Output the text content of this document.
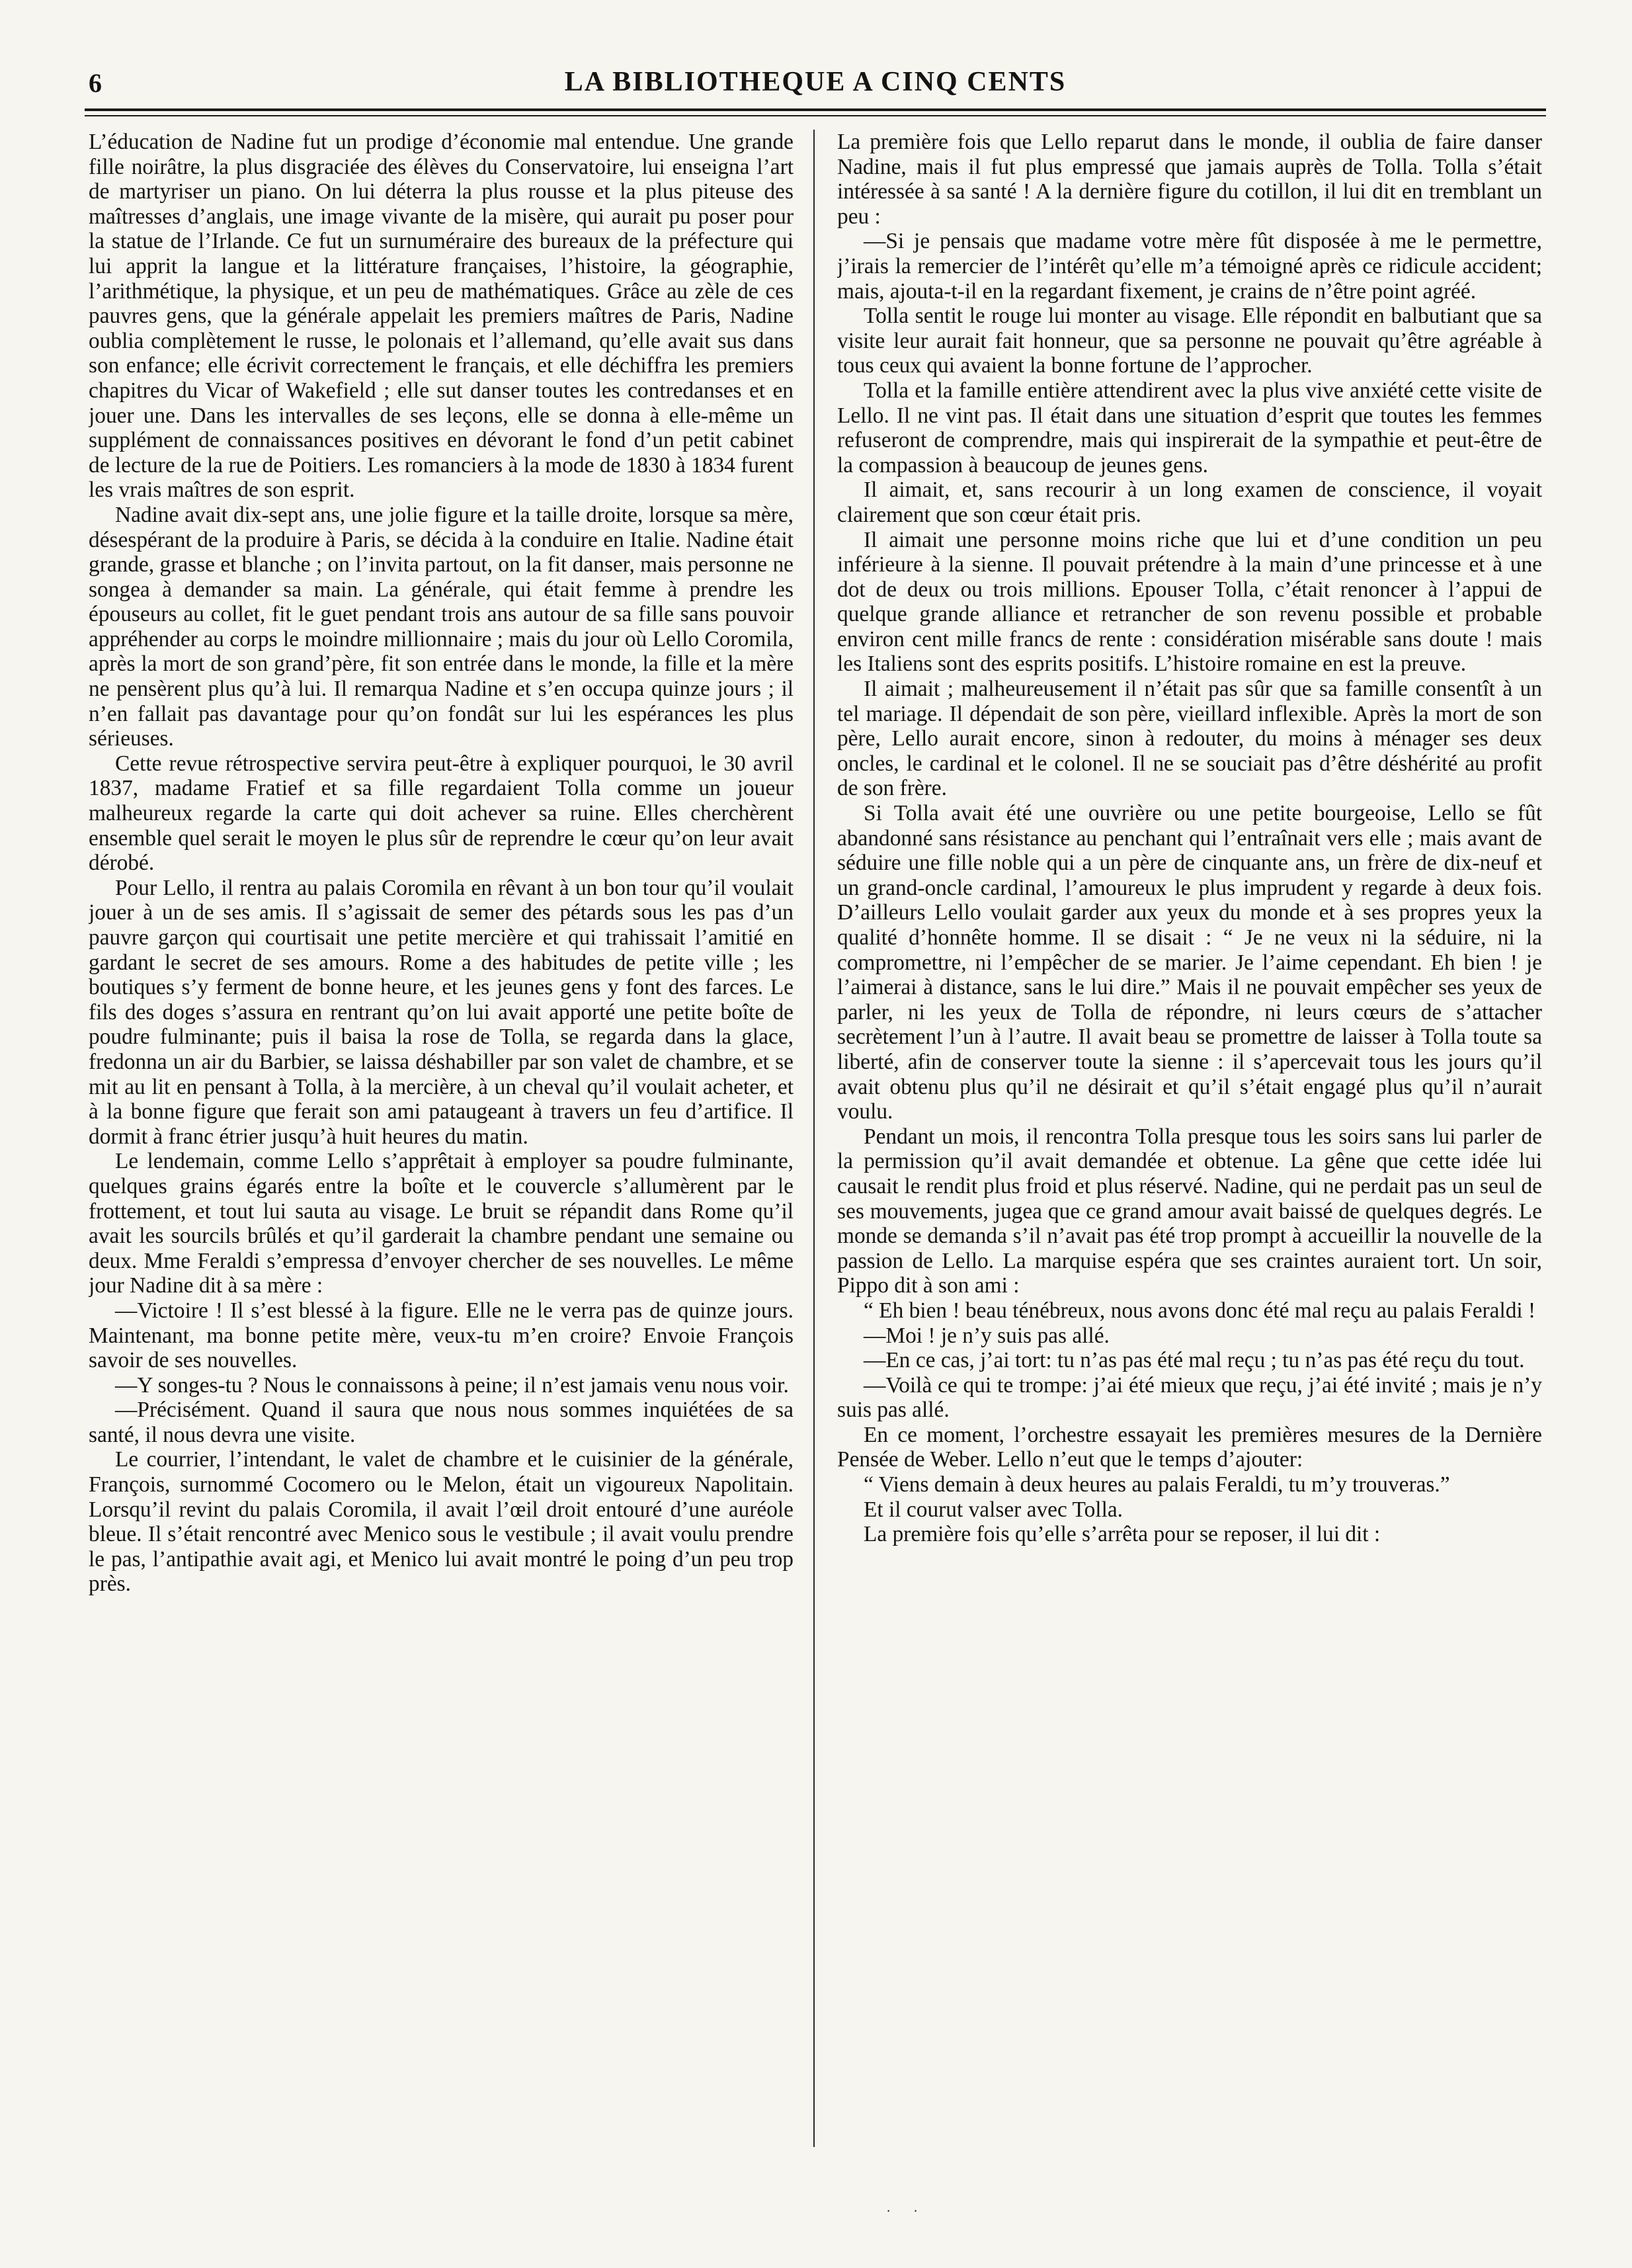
6	LA BIBLIOTHEQUE A CINQ CENTS

L’éducation de Nadine fut un prodige d’économie mal entendue. Une grande fille noirâtre, la plus disgraciée des élèves du Conservatoire, lui enseigna l’art de martyriser un piano. On lui déterra la plus rousse et la plus piteuse des maîtresses d’anglais, une image vivante de la misère, qui aurait pu poser pour la statue de l’Irlande. Ce fut un surnuméraire des bureaux de la préfecture qui lui apprit la langue et la littérature françaises, l’histoire, la géographie, l’arithmétique, la physique, et un peu de mathématiques. Grâce au zèle de ces pauvres gens, que la générale appelait les premiers maîtres de Paris, Nadine oublia complètement le russe, le polonais et l’allemand, qu’elle avait sus dans son enfance; elle écrivit correctement le français, et elle déchiffra les premiers chapitres du Vicar of Wakefield ; elle sut danser toutes les contredanses et en jouer une. Dans les intervalles de ses leçons, elle se donna à elle-même un supplément de connaissances positives en dévorant le fond d’un petit cabinet de lecture de la rue de Poitiers. Les romanciers à la mode de 1830 à 1834 furent les vrais maîtres de son esprit.

Nadine avait dix-sept ans, une jolie figure et la taille droite, lorsque sa mère, désespérant de la produire à Paris, se décida à la conduire en Italie. Nadine était grande, grasse et blanche ; on l’invita partout, on la fit danser, mais personne ne songea à demander sa main. La générale, qui était femme à prendre les épouseurs au collet, fit le guet pendant trois ans autour de sa fille sans pouvoir appréhender au corps le moindre millionnaire ; mais du jour où Lello Coromila, après la mort de son grand’père, fit son entrée dans le monde, la fille et la mère ne pensèrent plus qu’à lui. Il remarqua Nadine et s’en occupa quinze jours ; il n’en fallait pas davantage pour qu’on fondât sur lui les espérances les plus sérieuses.

Cette revue rétrospective servira peut-être à expliquer pourquoi, le 30 avril 1837, madame Fratief et sa fille regardaient Tolla comme un joueur malheureux regarde la carte qui doit achever sa ruine. Elles cherchèrent ensemble quel serait le moyen le plus sûr de reprendre le cœur qu’on leur avait dérobé.

Pour Lello, il rentra au palais Coromila en rêvant à un bon tour qu’il voulait jouer à un de ses amis. Il s’agissait de semer des pétards sous les pas d’un pauvre garçon qui courtisait une petite mercière et qui trahissait l’amitié en gardant le secret de ses amours. Rome a des habitudes de petite ville ; les boutiques s’y ferment de bonne heure, et les jeunes gens y font des farces. Le fils des doges s’assura en rentrant qu’on lui avait apporté une petite boîte de poudre fulminante; puis il baisa la rose de Tolla, se regarda dans la glace, fredonna un air du Barbier, se laissa déshabiller par son valet de chambre, et se mit au lit en pensant à Tolla, à la mercière, à un cheval qu’il voulait acheter, et à la bonne figure que ferait son ami pataugeant à travers un feu d’artifice. Il dormit à franc étrier jusqu’à huit heures du matin.

Le lendemain, comme Lello s’apprêtait à employer sa poudre fulminante, quelques grains égarés entre la boîte et le couvercle s’allumèrent par le frottement, et tout lui sauta au visage. Le bruit se répandit dans Rome qu’il avait les sourcils brûlés et qu’il garderait la chambre pendant une semaine ou deux. Mme Feraldi s’empressa d’envoyer chercher de ses nouvelles. Le même jour Nadine dit à sa mère :

—Victoire ! Il s’est blessé à la figure. Elle ne le verra pas de quinze jours. Maintenant, ma bonne petite mère, veux-tu m’en croire? Envoie François savoir de ses nouvelles.

—Y songes-tu ? Nous le connaissons à peine; il n’est jamais venu nous voir.

—Précisément. Quand il saura que nous nous sommes inquiétées de sa santé, il nous devra une visite.

Le courrier, l’intendant, le valet de chambre et le cuisinier de la générale, François, surnommé Cocomero ou le Melon, était un vigoureux Napolitain. Lorsqu’il revint du palais Coromila, il avait l’œil droit entouré d’une auréole bleue. Il s’était rencontré avec Menico sous le vestibule ; il avait voulu prendre le pas, l’antipathie avait agi, et Menico lui avait montré le poing d’un peu trop près.

La première fois que Lello reparut dans le monde, il oublia de faire danser Nadine, mais il fut plus empressé que jamais auprès de Tolla. Tolla s’était intéressée à sa santé ! A la dernière figure du cotillon, il lui dit en tremblant un peu :

—Si je pensais que madame votre mère fût disposée à me le permettre, j’irais la remercier de l’intérêt qu’elle m’a témoigné après ce ridicule accident; mais, ajouta-t-il en la regardant fixement, je crains de n’être point agréé.

Tolla sentit le rouge lui monter au visage. Elle répondit en balbutiant que sa visite leur aurait fait honneur, que sa personne ne pouvait qu’être agréable à tous ceux qui avaient la bonne fortune de l’approcher.

Tolla et la famille entière attendirent avec la plus vive anxiété cette visite de Lello. Il ne vint pas. Il était dans une situation d’esprit que toutes les femmes refuseront de comprendre, mais qui inspirerait de la sympathie et peut-être de la compassion à beaucoup de jeunes gens.

Il aimait, et, sans recourir à un long examen de conscience, il voyait clairement que son cœur était pris.

Il aimait une personne moins riche que lui et d’une condition un peu inférieure à la sienne. Il pouvait prétendre à la main d’une princesse et à une dot de deux ou trois millions. Epouser Tolla, c’était renoncer à l’appui de quelque grande alliance et retrancher de son revenu possible et probable environ cent mille francs de rente : considération misérable sans doute ! mais les Italiens sont des esprits positifs. L’histoire romaine en est la preuve.

Il aimait ; malheureusement il n’était pas sûr que sa famille consentît à un tel mariage. Il dépendait de son père, vieillard inflexible. Après la mort de son père, Lello aurait encore, sinon à redouter, du moins à ménager ses deux oncles, le cardinal et le colonel. Il ne se souciait pas d’être déshérité au profit de son frère.

Si Tolla avait été une ouvrière ou une petite bourgeoise, Lello se fût abandonné sans résistance au penchant qui l’entraînait vers elle ; mais avant de séduire une fille noble qui a un père de cinquante ans, un frère de dix-neuf et un grand-oncle cardinal, l’amoureux le plus imprudent y regarde à deux fois. D’ailleurs Lello voulait garder aux yeux du monde et à ses propres yeux la qualité d’honnête homme. Il se disait : “ Je ne veux ni la séduire, ni la compromettre, ni l’empêcher de se marier. Je l’aime cependant. Eh bien ! je l’aimerai à distance, sans le lui dire.” Mais il ne pouvait empêcher ses yeux de parler, ni les yeux de Tolla de répondre, ni leurs cœurs de s’attacher secrètement l’un à l’autre. Il avait beau se promettre de laisser à Tolla toute sa liberté, afin de conserver toute la sienne : il s’apercevait tous les jours qu’il avait obtenu plus qu’il ne désirait et qu’il s’était engagé plus qu’il n’aurait voulu.

Pendant un mois, il rencontra Tolla presque tous les soirs sans lui parler de la permission qu’il avait demandée et obtenue. La gêne que cette idée lui causait le rendit plus froid et plus réservé. Nadine, qui ne perdait pas un seul de ses mouvements, jugea que ce grand amour avait baissé de quelques degrés. Le monde se demanda s’il n’avait pas été trop prompt à accueillir la nouvelle de la passion de Lello. La marquise espéra que ses craintes auraient tort. Un soir, Pippo dit à son ami :

“ Eh bien ! beau ténébreux, nous avons donc été mal reçu au palais Feraldi !

—Moi ! je n’y suis pas allé.

—En ce cas, j’ai tort: tu n’as pas été mal reçu ; tu n’as pas été reçu du tout.

—Voilà ce qui te trompe: j’ai été mieux que reçu, j’ai été invité ; mais je n’y suis pas allé.

En ce moment, l’orchestre essayait les premières mesures de la Dernière Pensée de Weber. Lello n’eut que le temps d’ajouter:

“ Viens demain à deux heures au palais Feraldi, tu m’y trouveras.”

Et il courut valser avec Tolla.

La première fois qu’elle s’arrêta pour se reposer, il lui dit :

· ·
